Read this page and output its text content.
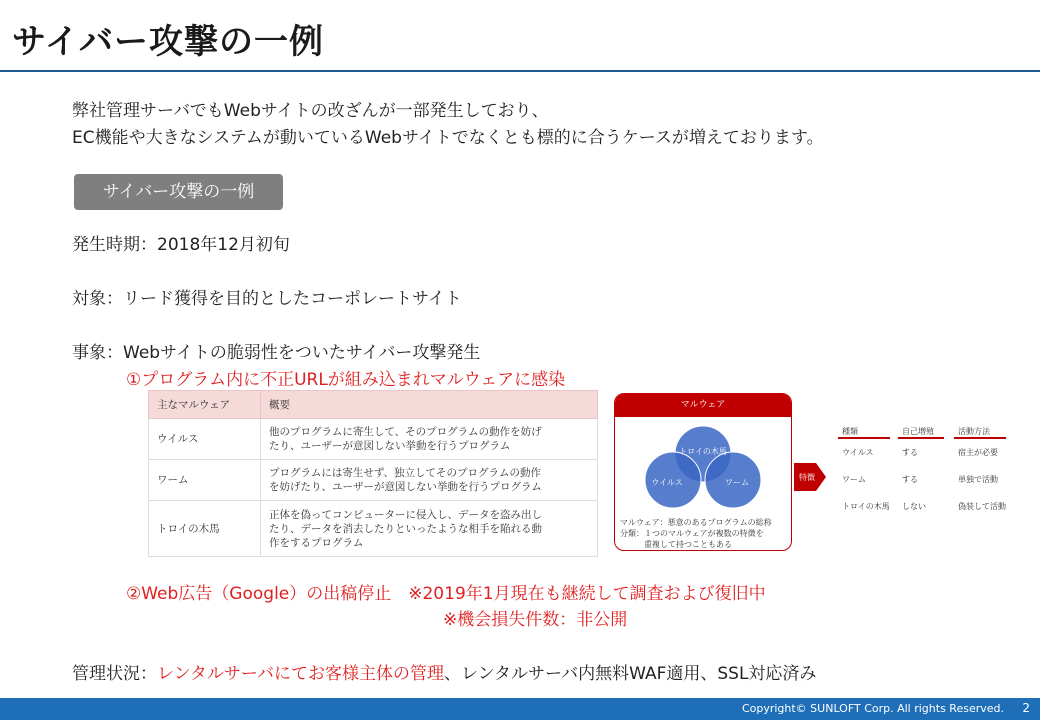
サイバー攻撃の一例
弊社管理サーバでもWebサイトの改ざんが一部発生しており、
EC機能や大きなシステムが動いているWebサイトでなくとも標的に合うケースが増えております。
サイバー攻撃の一例
発生時期：2018年12月初旬
対象：リード獲得を目的としたコーポレートサイト
事象：Webサイトの脆弱性をついたサイバー攻撃発生
①プログラム内に不正URLが組み込まれマルウェアに感染
主なマルウェア	概要
ウイルス	他のプログラムに寄生して、そのプログラムの動作を妨げ
たり、ユーザーが意図しない挙動を行うプログラム

ワーム	プログラムには寄生せず、独立してそのプログラムの動作
を妨げたり、ユーザーが意図しない挙動を行うプログラム

トロイの木馬	正体を偽ってコンピューターに侵入し、データを盗み出し
たり、データを消去したりといったような相手を陥れる動
作をするプログラム
マルウェア
トロイの木馬
ウイルス	ワーム
マルウェア：悪意のあるプログラムの総称
分類：１つのマルウェアが複数の特徴を
重複して持つこともある
特徴
種類	自己増殖	活動方法
ウイルス	する	宿主が必要
ワーム	する	単独で活動
トロイの木馬 しない	偽装して活動
②Web広告（Google）の出稿停止　※2019年1月現在も継続して調査および復旧中
※機会損失件数：非公開
管理状況：レンタルサーバにてお客様主体の管理、レンタルサーバ内無料WAF適用、SSL対応済み
Copyright© SUNLOFT Corp. All rights Reserved. 2
